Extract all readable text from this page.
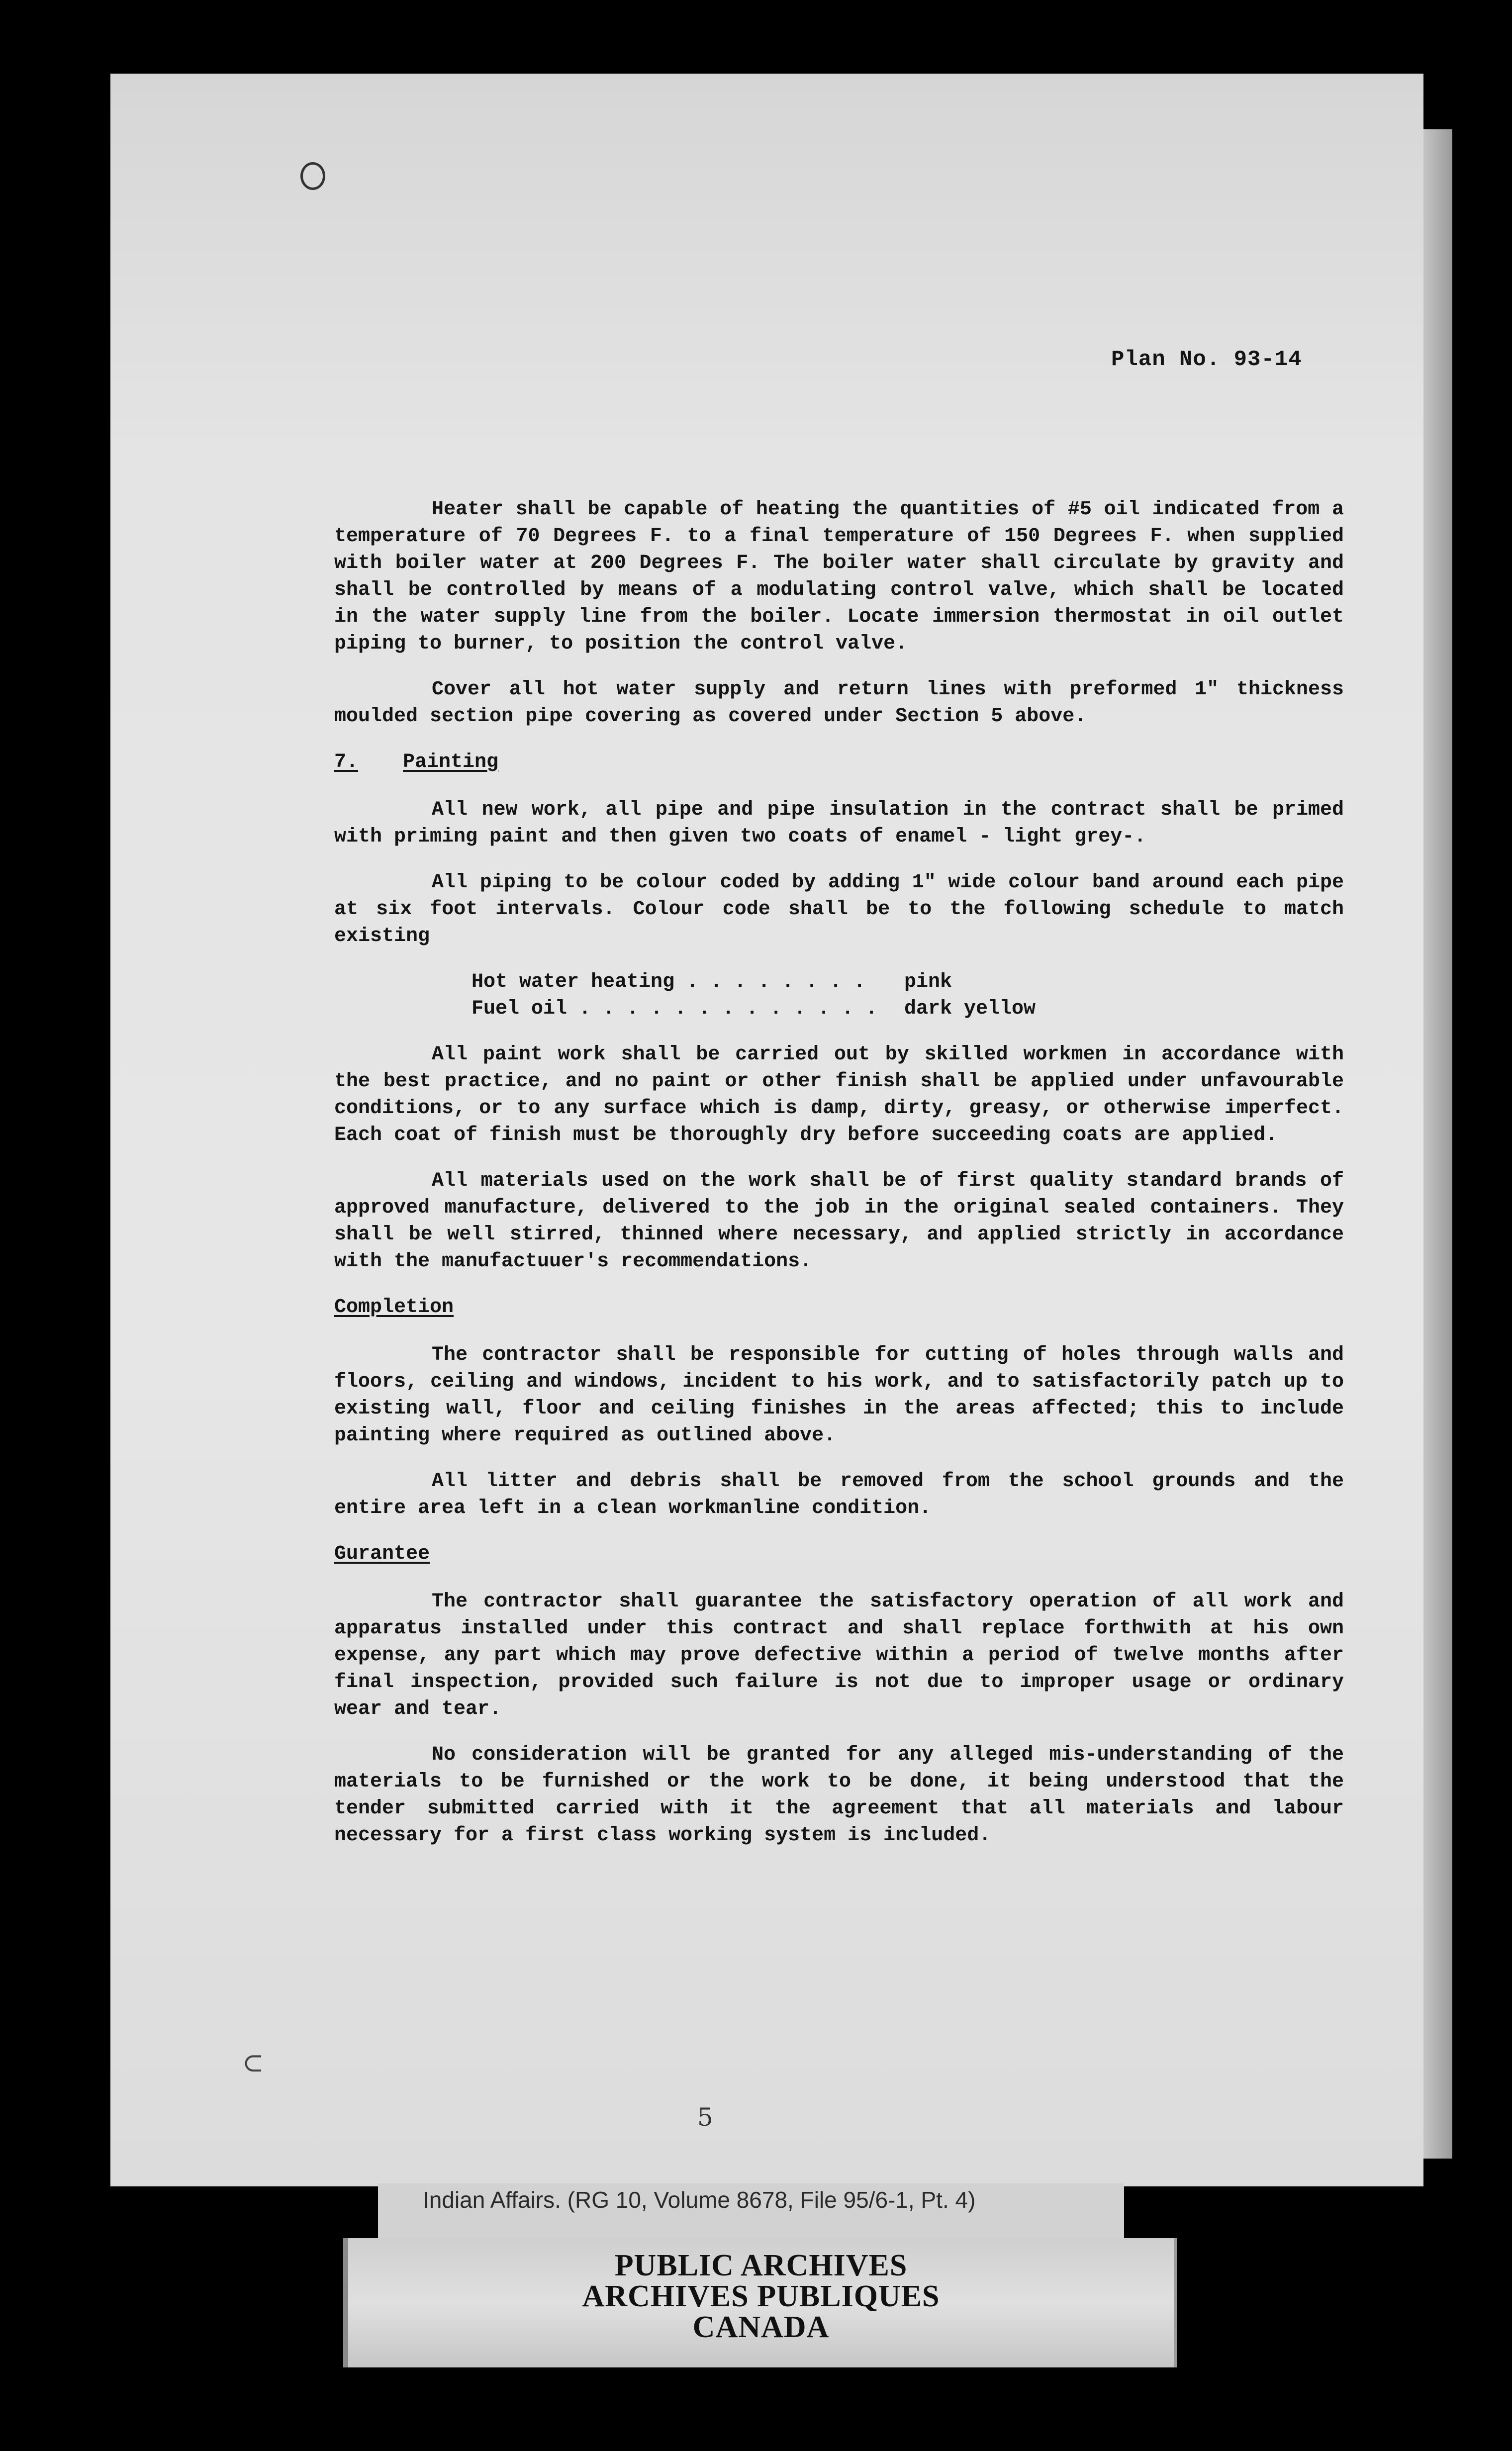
⊂
Plan No. 93-14

Heater shall be capable of heating the quantities of #5 oil indicated from a temperature of 70 Degrees F. to a final temperature of 150 Degrees F. when supplied with boiler water at 200 Degrees F. The boiler water shall circulate by gravity and shall be controlled by means of a modulating control valve, which shall be located in the water supply line from the boiler. Locate immersion thermostat in oil outlet piping to burner, to position the control valve.

Cover all hot water supply and return lines with preformed 1" thickness moulded section pipe covering as covered under Section 5 above.

7. Painting

All new work, all pipe and pipe insulation in the contract shall be primed with priming paint and then given two coats of enamel - light grey-.

All piping to be colour coded by adding 1" wide colour band around each pipe at six foot intervals. Colour code shall be to the following schedule to match existing

Hot water heating . . . . . . . .	pink
Fuel oil . . . . . . . . . . . . .	dark yellow

All paint work shall be carried out by skilled workmen in accordance with the best practice, and no paint or other finish shall be applied under unfavourable conditions, or to any surface which is damp, dirty, greasy, or otherwise imperfect. Each coat of finish must be thoroughly dry before succeeding coats are applied.

All materials used on the work shall be of first quality standard brands of approved manufacture, delivered to the job in the original sealed containers. They shall be well stirred, thinned where necessary, and applied strictly in accordance with the manufactuuer's recommendations.

Completion

The contractor shall be responsible for cutting of holes through walls and floors, ceiling and windows, incident to his work, and to satisfactorily patch up to existing wall, floor and ceiling finishes in the areas affected; this to include painting where required as outlined above.

All litter and debris shall be removed from the school grounds and the entire area left in a clean workmanline condition.

Gurantee

The contractor shall guarantee the satisfactory operation of all work and apparatus installed under this contract and shall replace forthwith at his own expense, any part which may prove defective within a period of twelve months after final inspection, provided such failure is not due to improper usage or ordinary wear and tear.

No consideration will be granted for any alleged mis-understanding of the materials to be furnished or the work to be done, it being understood that the tender submitted carried with it the agreement that all materials and labour necessary for a first class working system is included.

5
Indian Affairs. (RG 10, Volume 8678, File 95/6-1, Pt. 4)
PUBLIC ARCHIVES
ARCHIVES PUBLIQUES
CANADA
